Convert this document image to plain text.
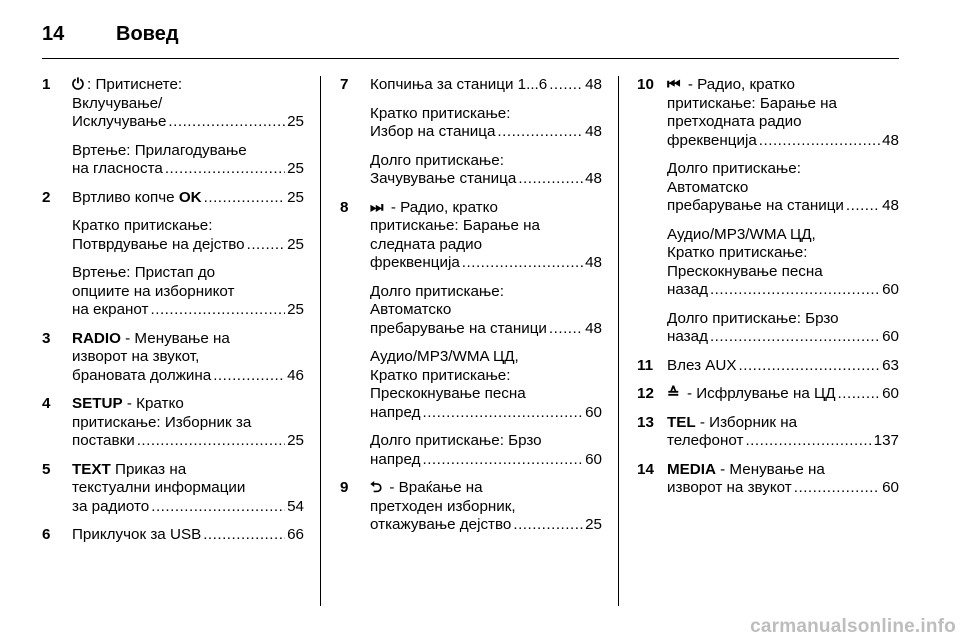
14	Вовед
1	⏻ : Притиснете:
Вклучување/
Исклучување .....	25
Вртење: Прилагодување
на гласноста .....	25
2	Вртливо копче OK .....	25
Кратко притискање:
Потврдување на дејство .....	25
Вртење: Пристап до
опциите на изборникот
на екранот .....	25
3	RADIO - Менување на
изворот на звукот,
брановата должина .....	46
4	SETUP - Кратко
притискање: Изборник за
поставки .....	25
5	TEXT Приказ на
текстуални информации
за радиото .....	54
6	Приклучок за USB .....	66
7	Копчиња за станици 1...6 ..... 48
Кратко притискање:
Избор на станица .....	48
Долго притискање:
Зачувување станица .....	48
8	⏭ - Радио, кратко
притискање: Барање на
следната радио
фреквенција .....	48
Долго притискање:
Автоматско
пребарување на станици .....	48
Аудио/MP3/WMA ЦД,
Кратко притискање:
Прескокнување песна
напред .....	60
Долго притискање: Брзо
напред .....	60
9	⮌ - Враќање на
претходен изборник,
откажување дејство .....	25
10 ⏮ - Радио, кратко
притискање: Барање на
претходната радио
фреквенција .....	48
Долго притискање:
Автоматско
пребарување на станици .....	48
Аудио/MP3/WMA ЦД,
Кратко притискање:
Прескокнување песна
назад .....	60
Долго притискање: Брзо
назад .....	60
11 Влез AUX .....	63
12 ≙ - Исфрлување на ЦД .....	60
13 TEL - Изборник на
телефонот .....	137
14 MEDIA - Менување на
изворот на звукот .....	60
carmanualsonline.info
